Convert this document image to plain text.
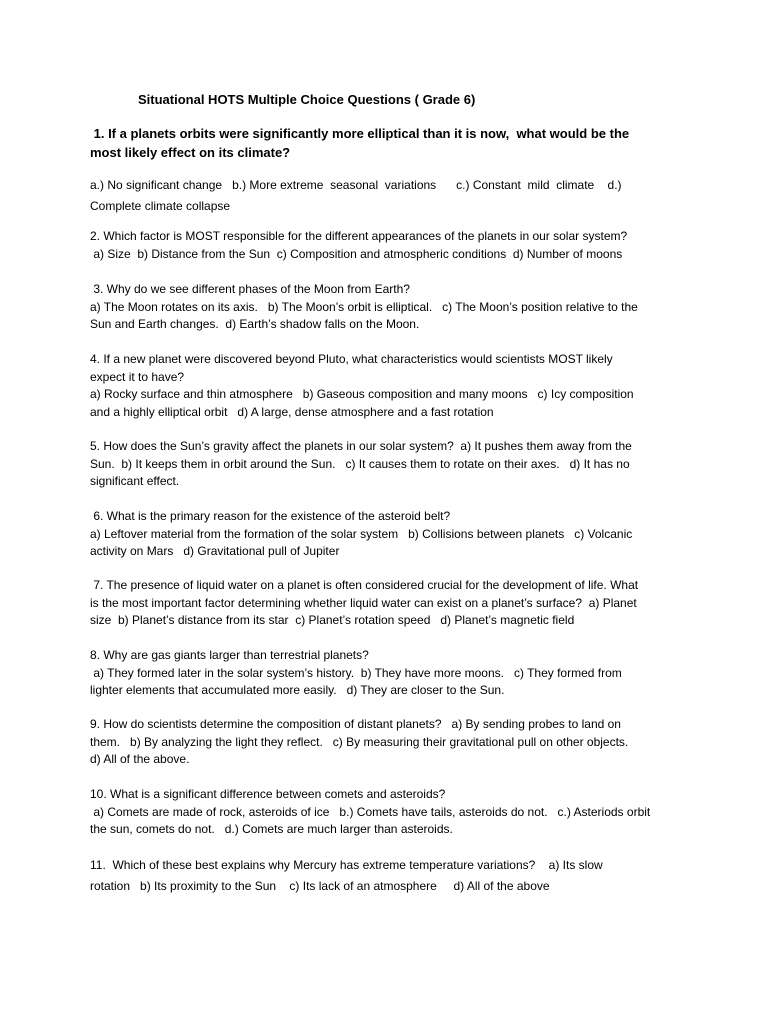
Situational HOTS Multiple Choice Questions ( Grade 6)
1. If a planets orbits were significantly more elliptical than it is now,  what would be the
most likely effect on its climate?
a.) No significant change   b.) More extreme  seasonal  variations      c.) Constant  mild  climate    d.)
Complete climate collapse
2. Which factor is MOST responsible for the different appearances of the planets in our solar system?
a) Size  b) Distance from the Sun  c) Composition and atmospheric conditions  d) Number of moons
3. Why do we see different phases of the Moon from Earth?
a) The Moon rotates on its axis.   b) The Moon’s orbit is elliptical.   c) The Moon’s position relative to the
Sun and Earth changes.  d) Earth’s shadow falls on the Moon.
4. If a new planet were discovered beyond Pluto, what characteristics would scientists MOST likely
expect it to have?
a) Rocky surface and thin atmosphere   b) Gaseous composition and many moons   c) Icy composition
and a highly elliptical orbit   d) A large, dense atmosphere and a fast rotation
5. How does the Sun’s gravity affect the planets in our solar system?  a) It pushes them away from the
Sun.  b) It keeps them in orbit around the Sun.   c) It causes them to rotate on their axes.   d) It has no
significant effect.
6. What is the primary reason for the existence of the asteroid belt?
a) Leftover material from the formation of the solar system   b) Collisions between planets   c) Volcanic
activity on Mars   d) Gravitational pull of Jupiter
7. The presence of liquid water on a planet is often considered crucial for the development of life. What
is the most important factor determining whether liquid water can exist on a planet’s surface?  a) Planet
size  b) Planet’s distance from its star  c) Planet’s rotation speed   d) Planet’s magnetic field
8. Why are gas giants larger than terrestrial planets?
a) They formed later in the solar system’s history.  b) They have more moons.   c) They formed from
lighter elements that accumulated more easily.   d) They are closer to the Sun.
9. How do scientists determine the composition of distant planets?   a) By sending probes to land on
them.   b) By analyzing the light they reflect.   c) By measuring their gravitational pull on other objects.
d) All of the above.
10. What is a significant difference between comets and asteroids?
a) Comets are made of rock, asteroids of ice   b.) Comets have tails, asteroids do not.   c.) Asteriods orbit
the sun, comets do not.   d.) Comets are much larger than asteroids.
11.  Which of these best explains why Mercury has extreme temperature variations?    a) Its slow
rotation   b) Its proximity to the Sun    c) Its lack of an atmosphere     d) All of the above
